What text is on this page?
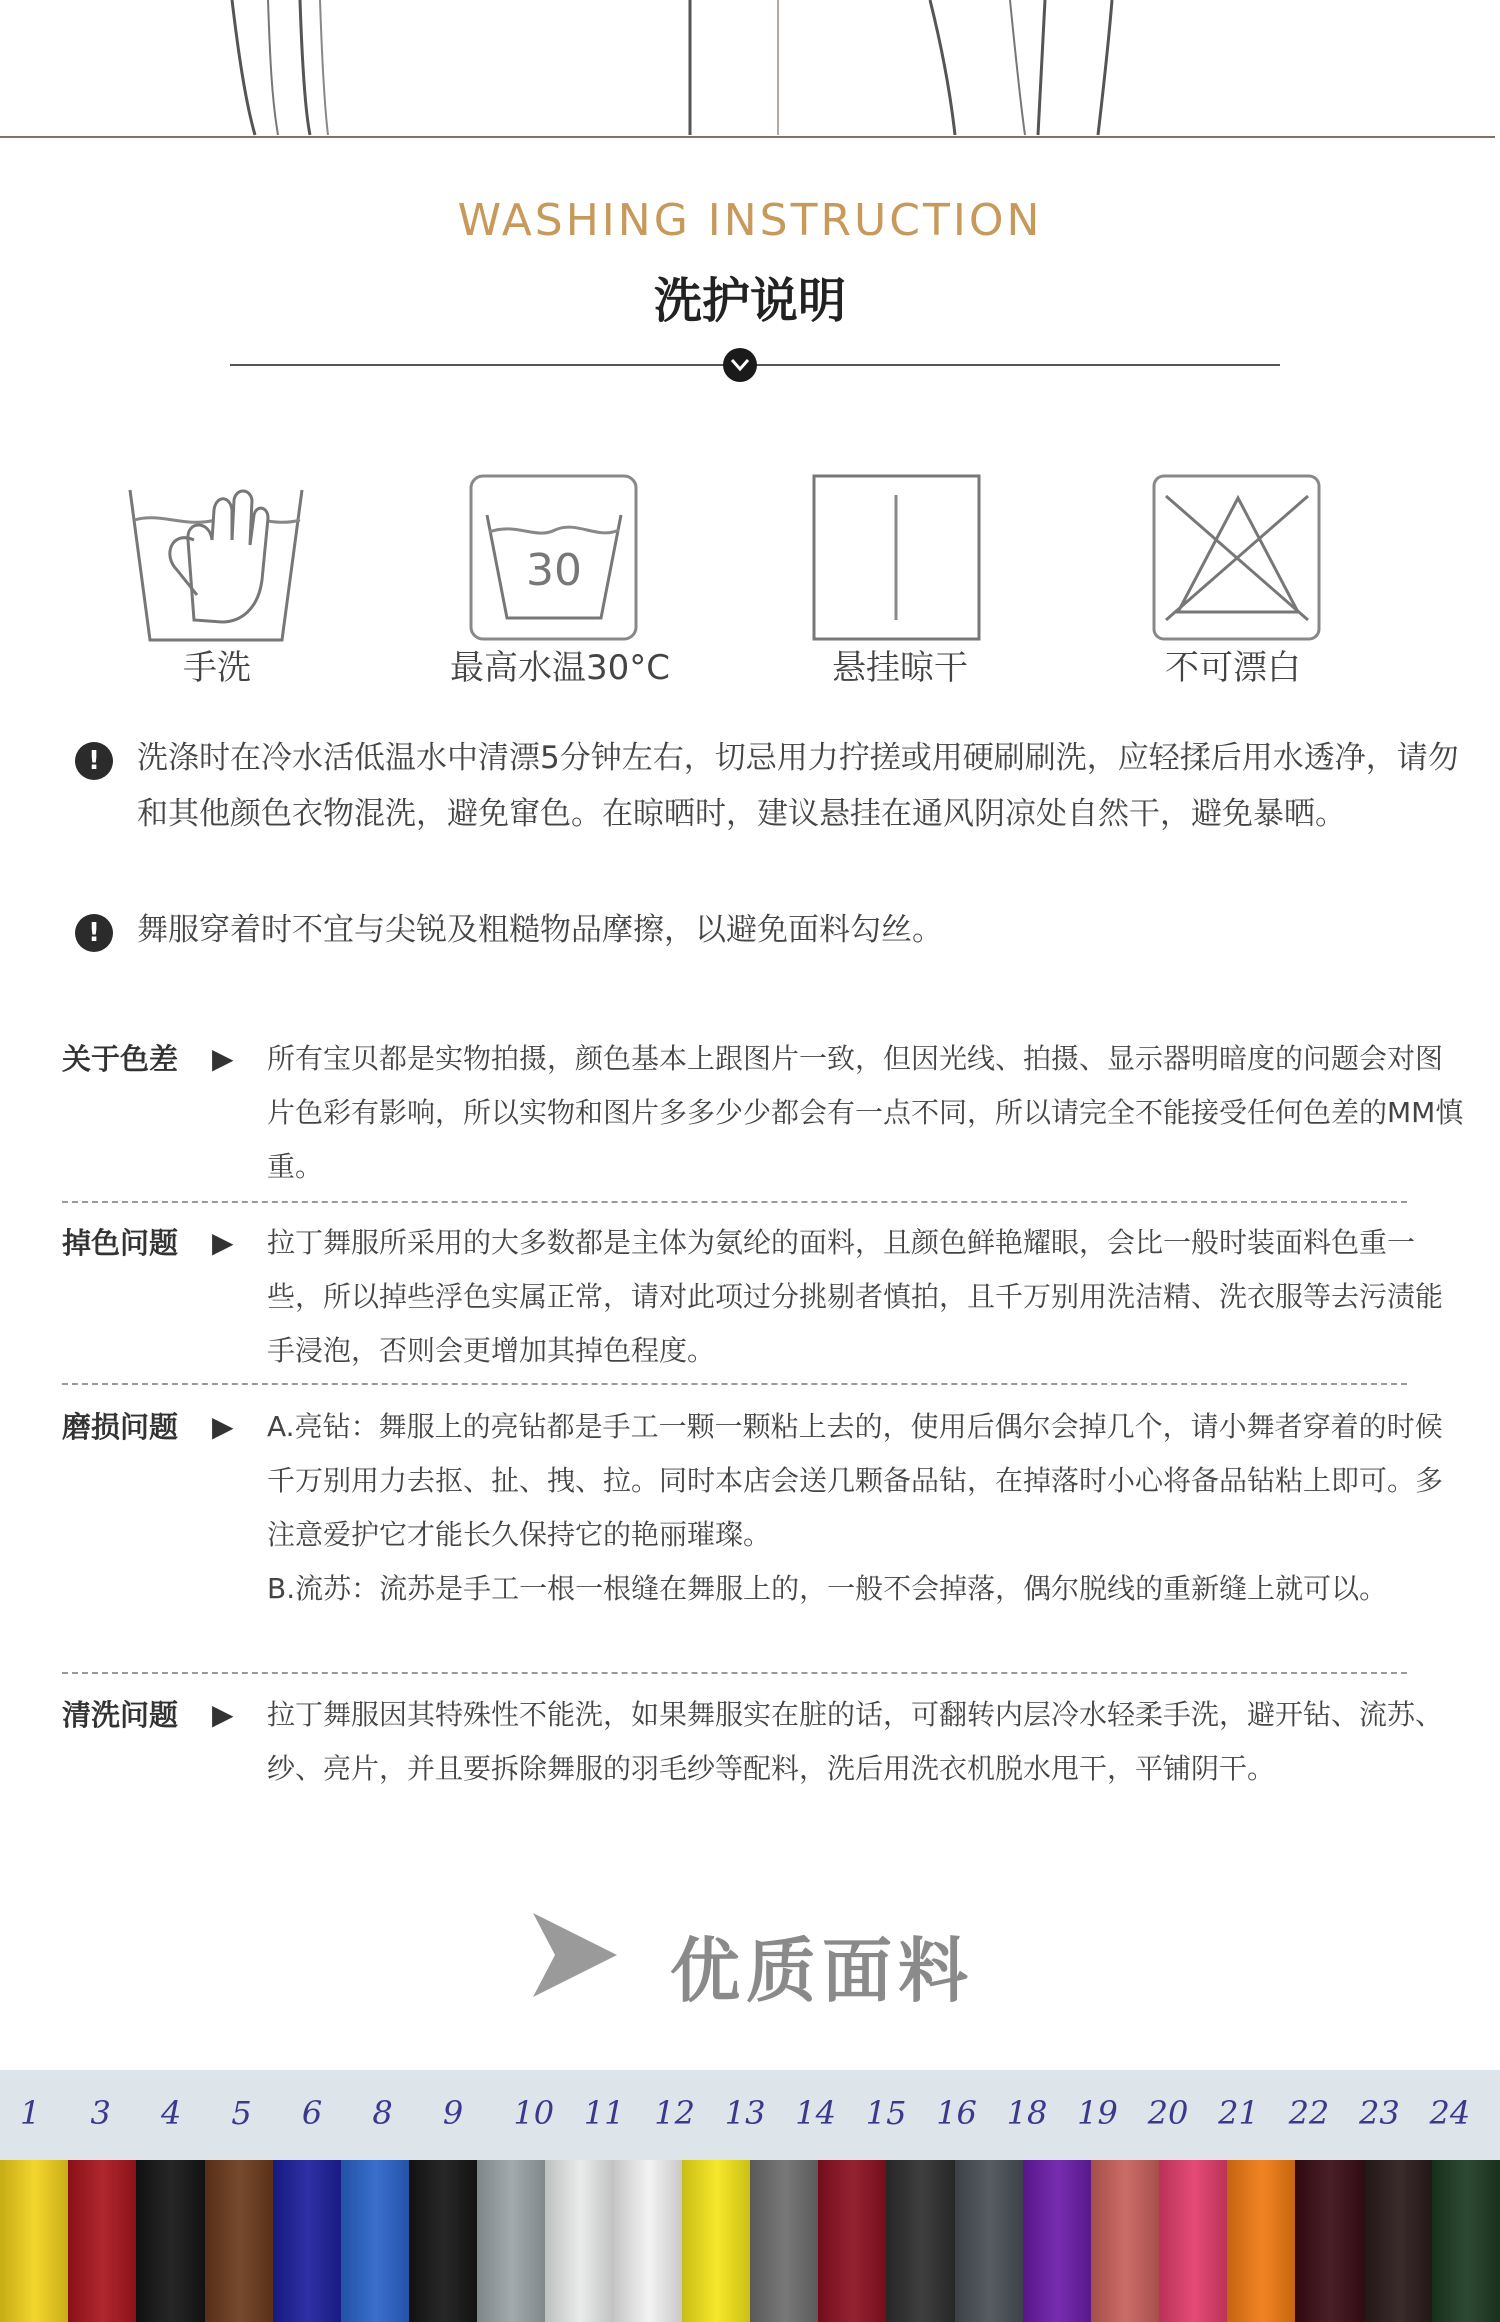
WASHING INSTRUCTION
洗护说明
手洗
30
最高水温30°C	悬挂晾干	不可漂白
!	洗涤时在冷水活低温水中清漂5分钟左右，切忌用力拧搓或用硬刷刷洗，应轻揉后用水透净，请勿和其他颜色衣物混洗，避免窜色。在晾晒时，建议悬挂在通风阴凉处自然干，避免暴晒。
!	舞服穿着时不宜与尖锐及粗糙物品摩擦，以避免面料勾丝。
关于色差	▶ 所有宝贝都是实物拍摄，颜色基本上跟图片一致，但因光线、拍摄、显示器明暗度的问题会对图片色彩有影响，所以实物和图片多多少少都会有一点不同，所以请完全不能接受任何色差的MM慎重。
掉色问题	▶ 拉丁舞服所采用的大多数都是主体为氨纶的面料，且颜色鲜艳耀眼，会比一般时装面料色重一些，所以掉些浮色实属正常，请对此项过分挑剔者慎拍，且千万别用洗洁精、洗衣服等去污渍能手浸泡，否则会更增加其掉色程度。
磨损问题	▶ A.亮钻：舞服上的亮钻都是手工一颗一颗粘上去的，使用后偶尔会掉几个，请小舞者穿着的时候千万别用力去抠、扯、拽、拉。同时本店会送几颗备品钻，在掉落时小心将备品钻粘上即可。多注意爱护它才能长久保持它的艳丽璀璨。
B.流苏：流苏是手工一根一根缝在舞服上的，一般不会掉落，偶尔脱线的重新缝上就可以。
清洗问题	▶ 拉丁舞服因其特殊性不能洗，如果舞服实在脏的话，可翻转内层冷水轻柔手洗，避开钻、流苏、纱、亮片，并且要拆除舞服的羽毛纱等配料，洗后用洗衣机脱水甩干，平铺阴干。
优质面料
1 3 4 5 6 8 9 10 11 12 13 14 15 16 18 19 20 21 22 23 24
